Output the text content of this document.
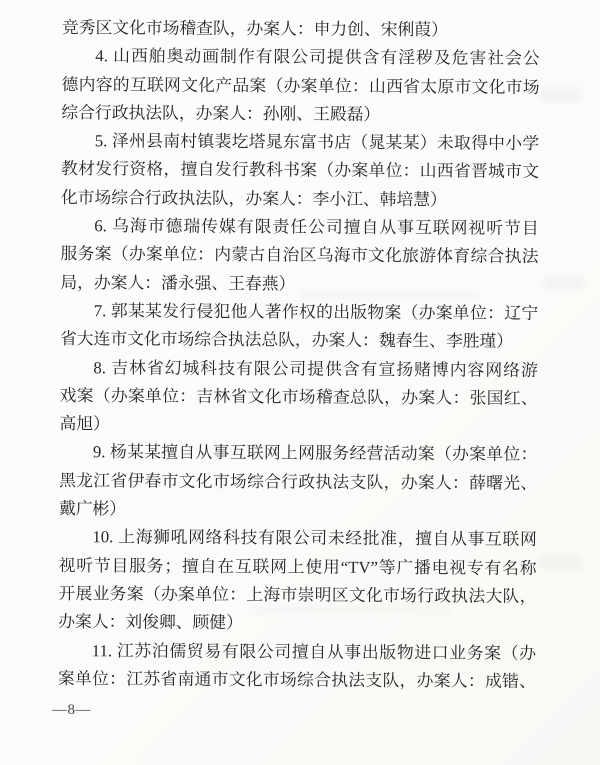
竞秀区文化市场稽查队，办案人：申力创、宋俐葭）
4. 山西舶奥动画制作有限公司提供含有淫秽及危害社会公
德内容的互联网文化产品案（办案单位：山西省太原市文化市场
综合行政执法队，办案人：孙刚、王殿磊）
5. 泽州县南村镇裴圪塔晁东富书店（晁某某）未取得中小学
教材发行资格，擅自发行教科书案（办案单位：山西省晋城市文
化市场综合行政执法队，办案人：李小江、韩培慧）
6. 乌海市德瑞传媒有限责任公司擅自从事互联网视听节目
服务案（办案单位：内蒙古自治区乌海市文化旅游体育综合执法
局，办案人：潘永强、王春燕）
7. 郭某某发行侵犯他人著作权的出版物案（办案单位：辽宁
省大连市文化市场综合执法总队，办案人：魏春生、李胜瑾）
8. 吉林省幻城科技有限公司提供含有宣扬赌博内容网络游
戏案（办案单位：吉林省文化市场稽查总队，办案人：张国红、
高旭）
9. 杨某某擅自从事互联网上网服务经营活动案（办案单位：
黑龙江省伊春市文化市场综合行政执法支队，办案人：薛曙光、
戴广彬）
10. 上海狮吼网络科技有限公司未经批准，擅自从事互联网
视听节目服务；擅自在互联网上使用“TV”等广播电视专有名称
开展业务案（办案单位：上海市崇明区文化市场行政执法大队，
办案人：刘俊卿、顾健）
11. 江苏泊儒贸易有限公司擅自从事出版物进口业务案（办
案单位：江苏省南通市文化市场综合执法支队，办案人：成锴、
—8—
